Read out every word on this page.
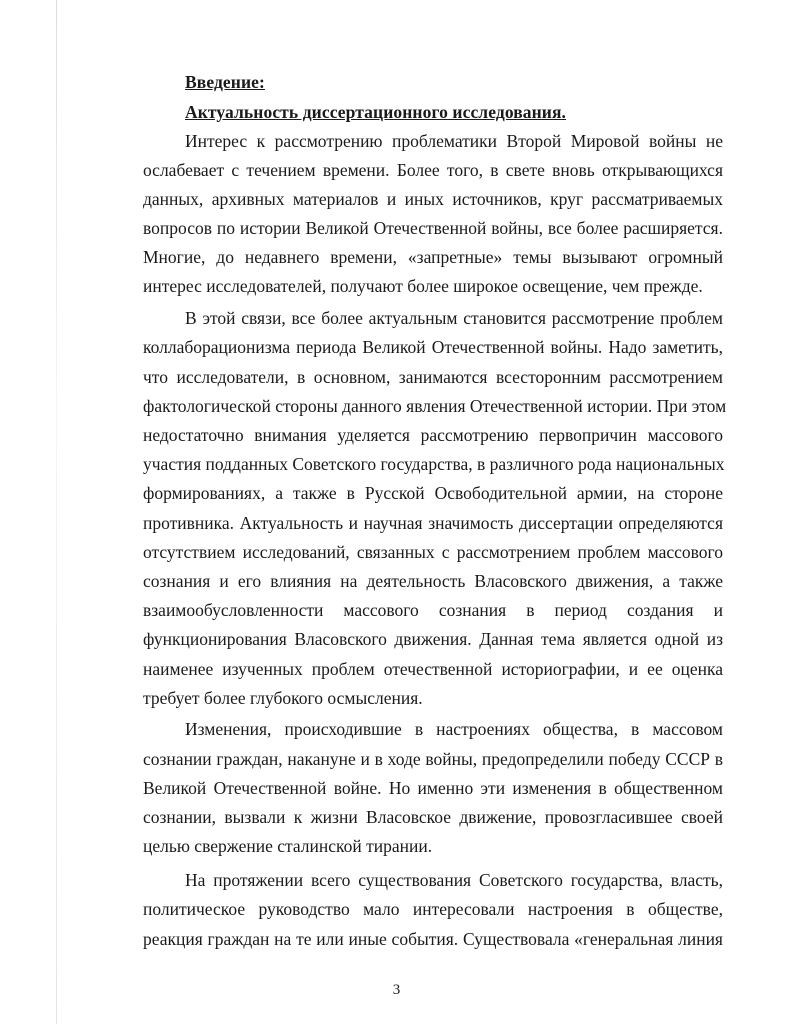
Введение:
Актуальность диссертационного исследования.
Интерес к рассмотрению проблематики Второй Мировой войны не
ослабевает с течением времени. Более того, в свете вновь открывающихся
данных, архивных материалов и иных источников, круг рассматриваемых
вопросов по истории Великой Отечественной войны, все более расширяется.
Многие, до недавнего времени, «запретные» темы вызывают огромный
интерес исследователей, получают более широкое освещение, чем прежде.
В этой связи, все более актуальным становится рассмотрение проблем
коллаборационизма периода Великой Отечественной войны. Надо заметить,
что исследователи, в основном, занимаются всесторонним рассмотрением
фактологической стороны данного явления Отечественной истории. При этом
недостаточно внимания уделяется рассмотрению первопричин массового
участия подданных Советского государства, в различного рода национальных
формированиях, а также в Русской Освободительной армии, на стороне
противника. Актуальность и научная значимость диссертации определяются
отсутствием исследований, связанных с рассмотрением проблем массового
сознания и его влияния на деятельность Власовского движения, а также
взаимообусловленности массового сознания в период создания и
функционирования Власовского движения. Данная тема является одной из
наименее изученных проблем отечественной историографии, и ее оценка
требует более глубокого осмысления.
Изменения, происходившие в настроениях общества, в массовом
сознании граждан, накануне и в ходе войны, предопределили победу СССР в
Великой Отечественной войне. Но именно эти изменения в общественном
сознании, вызвали к жизни Власовское движение, провозгласившее своей
целью свержение сталинской тирании.
На протяжении всего существования Советского государства, власть,
политическое руководство мало интересовали настроения в обществе,
реакция граждан на те или иные события. Существовала «генеральная линия
3
